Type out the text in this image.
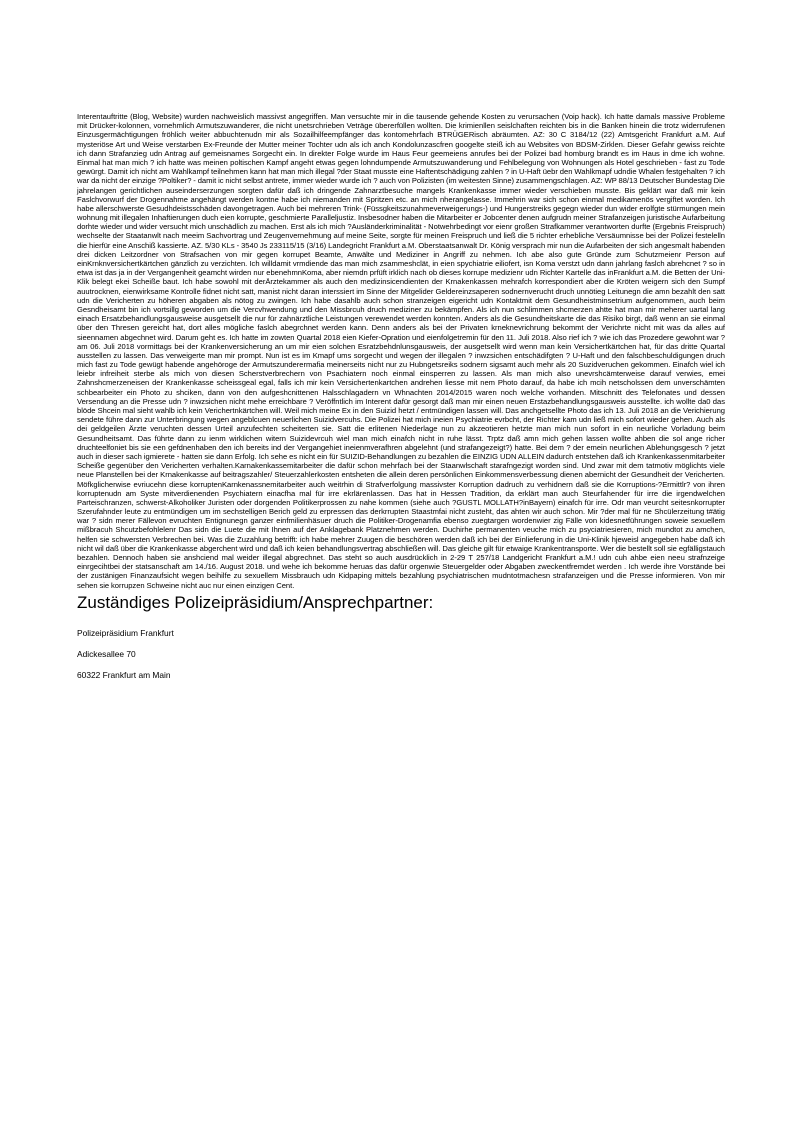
Interentauftritte (Blog, Website) wurden nachweislich massivst angegriffen. Man versuchte mir in die tausende gehende Kosten zu verursachen (Voip hack). Ich hatte damals massive Probleme mit Drücker-kolonnen, vornehmlich Armutszuwanderer, die nicht unetsrchrieben Veträge übererfüllen wollten. Die krimienllen seislchaften reichten bis in die Banken hinein die trotz widerrufenen Einzusgermächtigungen fröhlich weiter abbuchtenudn mir als Sozailhilfeempfänger das kontomehrfach BTRÜGERisch abräumten. AZ: 30 C 3184/12 (22) Amtsgericht Frankfurt a.M. Auf mysteriöse Art und Weise verstarben Ex-Freunde der Mutter meiner Tochter udn als ich anch Kondolunzascfren googelte steiß ich au Websites von BDSM-Zirklen. Dieser Gefahr gewiss reichte ich dann Strafanzieg udn Antrag auf gemeisnames Sorgecht ein. In direkter Folge wurde im Haus Feur geemeiens anrufes bei der Polizei bad homburg brandt es im Haus in dme ich wohne. Einmal hat man mich ? ich hatte was meinen poltischen Kampf angeht etwas gegen lohndumpende Armutszuwanderung und Fehlbelegung von Wohnungen als Hotel geschrieben - fast zu Tode gewürgt. Damit ich nicht am Wahlkampf teilnehmen kann hat man mich illegal ?der Staat musste eine Haftentschädigung zahlen ? in U-Haft üebr den Wahlkmapf udndie Whalen festgehalten ? ich war da nicht der einzige ?Poltiker? - damit ic nicht selbst antrete, immer wieder wurde ich ? auch von Polizisten (im weitesten Sinne) zusammengschlagen. AZ: WP 88/13 Deutscher Bundestag Die jahrelangen gerichtlichen auseinderserzungen sorgten dafür daß ich dringende Zahnarztbesuche mangels Krankenkasse immer wieder verschieben musste. Bis geklärt war daß mir kein Faslchvorwurf der Drogennahme angehängt werden kontne habe ich niemanden mit Spritzen etc. an mich nherangelasse. Immehrin war sich schon einmal medikamenös vergiftet worden. Ich habe allerschwerste Gesudhdeistsschäden davongetragen. Auch bei mehreren Trink- (Füssgkeitszunahmeverweigerungs-) und Hungerstreiks gegegn wieder dun wider erolfgte stürmungen mein wohnung mit illegalen Inhaftierungen duch eien korrupte, geschmierte Paralleljustiz. Insbesodner haben die Mitarbeiter er Jobcenter denen aufgrudn meiner Strafanzeigen juristische Aufarbeitung dorhte wieder und wider versucht mich unschädlich zu machen. Erst als ich mich ?Ausländerkriminalität - Notwehrbedingt vor eienr großen Strafkammer verantworten durfte (Ergebnis Freispruch) wechselte der Staatanwlt nach meeim Sachvortrag und Zeugenvernehmung auf meine Seite, sorgte für meinen Freispruch und ließ die 5 richter erhebliche Versäumnisse bei der Polizei festelelln die hierfür eine Anschiß kassierte. AZ. 5/30 KLs - 3540 Js 233115/15 (3/16) Landegricht Frankfurt a.M. Oberstaatsanwalt Dr. König versprach mir nun die Aufarbeiten der sich angesmalt habenden drei dicken Leitzordner von Strafsachen von mir gegen korrupet Beamte, Anwälte und Mediziner in Angriff zu nehmen. Ich abe also gute Gründe zum Schutzmeienr Person auf einKrnknversichertkärtchen gänzlich zu verzichten. Ich willdamit vrmdiende das man mich zsammeshclät, in eien spychiatrie eiliofert, isn Koma verstzt udn dann jahrlang faslch abrehcnet ? so in etwa ist das ja in der Vergangenheit geamcht wirden nur ebenehmnKoma, aber niemdn prfüft irklich nach ob dieses korrupe medizienr udn Richter Kartelle das inFrankfurt a.M. die Betten der Uni-Klik belegt ekei Scheiße baut. Ich habe sowohl mit derÄrztekammer als auch den medizinsicendienten der Krnakenkassen mehrafch korrespondiert aber die Kröten weigern sich den Sumpf auutrocknen, eienwirksame Kontrolle fidnet nicht satt, manist nicht daran interssiert im Sinne der Mitgelider Geldereinzsaperen sodnernverucht druch unnötieg Leitunegn die amn bezahlt den satt udn die Vericherten zu höheren abgaben als nötog zu zwingen. Ich habe dasahlb auch schon stranzeigen eigericht udn Kontaktmit dem Gesundheistminsetrium aufgenommen, auch beim Gesndheisamt bin ich vortsillg geworden um die Vercvhwendung und den Missbrcuh druch mediziner zu bekämpfen. Als ich nun schlimmen shcmerzen ahtte hat man mir meherer uartal lang einach Ersatzbehandlungsgausweise ausgetsellt die nur für zahnärztliche Leistungen verewendet werden konnten. Anders als die Gesundheitskarte die das Risiko birgt, daß wenn an sie einmal über den Thresen gereicht hat, dort alles mögliche faslch abegrchnet werden kann. Denn anders als bei der Privaten krneknevrichrung bekommt der Verichrte nicht mit was da alles auf sieennamen abgechnet wird. Darum geht es. Ich hatte im zowten Quartal 2018 eien Kiefer-Opration und eienfolgetremin für den 11. Juli 2018. Also rief ich ? wie ich das Prozedere gewohnt war ? am 06. Juli 2018 vormittags bei der Krankenversicherung an um mir eien solchen Esratzbehdnlunsgausweis, der ausgetsellt wird wenn man kein Versichertkärtchen hat, für das dritte Quartal ausstellen zu lassen. Das verweigerte man mir prompt. Nun ist es im Kmapf ums sorgecht und wegen der illegalen ? inwzsichen entschädifgten ? U-Haft und den falschbeschuldigungen druch mich fast zu Tode gewügt habende angehöroge der Armutszunderermafia meinerseits nicht nur zu Hubngetsreiks sodnern sigsamt auch mehr als 20 Suzidveruchen gekommen. Einafch wiel ich leiebr infreiheit sterbe als mich von diesen Scherstverbrechern von Psachiatern noch einmal einsperren zu lassen. Als man mich also unevrshcämterweise darauf verwies, emei Zahnshcmerzeneisen der Krankenkasse scheissgeal egal, falls ich mir kein Versichertenkartchen andrehen liesse mit nem Photo darauf, da habe ich mcih netscholssen dem unverschämten schbearbeiter ein Photo zu shciken, dann von den aufgeshcnittenen Halsschlagadern vn Whnachten 2014/2015 waren noch welche vorhanden. Mitschnitt des Telefonates und dessen Versendung an die Presse udn ? inwzsichen nicht mehe erreichbare ? Veröffntlich im Interent dafür gesorgt daß man mir einen neuen Erstazbehandlungsgausweis ausstellte. ich wollte da0 das blöde Shcein mal sieht wahlb ich kein Verichertnkärtchen will. Weil mich meine Ex in den Suizid hetzt / entmündigen lassen will. Das anchgetsellte Photo das ich 13. Juli 2018 an die Verichierung sendete führe dann zur Unterbringung wegen angeblcuen neuerlichen Suizidvercuhs. Die Polizei hat mich ineien Psychiatrie evrbcht, der Richter kam udn ließ mich sofort wieder gehen. Auch als dei geldgeilen Ärzte veruchten dessen Urteil anzufechten scheiterten sie. Satt die erlitenen Niederlage nun zu akzeotieren hetzte man mich nun sofort in ein neurliche Vorladung beim Gesundheitsamt. Das führte dann zu ienm wirklichen witern Suizidevrcuh wiel man mich einafch nicht in ruhe lässt. Trptz daß amn mich gehen lassen wollte ahben die sol ange richer druchteelfoniet bis sie een gefdnenhaben den ich bereits ind der Vergangehiet ineienmverafhren abgelehnt (und strafangezeigt?) hatte. Bei dem ? der emein neurlichen Ablehungsgesch ? jetzt auch in dieser sach igmierete - hatten sie dann Erfolg. Ich sehe es nicht ein für SUIZID-Behandlungen zu bezahlen die EINZIG UDN ALLEIN dadurch entstehen daß ich Krankenkassenmitarbeiter Scheiße gegenüber den Vericherten verhalten.Karnakenkassemitarbeiter die dafür schon mehrfach bei der Staanwlschaft starafngezigt worden sind. Und zwar mit dem tatmotiv möglichts viele neue Planstellen bei der Krnakenkasse auf beitragszahler/ Steuerzahlerkosten entsheten die allein deren persönlichen Einkommensverbessung dienen abernicht der Gesundheit der Vericherten. Möfkglicherwise evriucehn diese korruptenKarnkenassnemitarbeiter auch weitrhin di Strafverfolgung massivster Korruption dadruch zu verhidnern daß sie die Korruptions-?Ermittlr? von ihren korruptenudn am Syste mitverdienenden Psychiatern einacfha mal für irre ekrlärenlassen. Das hat in Hessen Tradition, da erklärt man auch Steurfahender für irre die irgendwelchen Parteischranzen, schwerst-Alkoholiker Juristen oder dorgenden Politikerprossen zu nahe kommen (siehe auch ?GUSTL MOLLATH?inBayern) einafch für irre. Odr man veurcht seitesnkorrupter Szerufahnder leute zu entmündigen um im sechstelligen Berich geld zu erpressen das derkrrupten Staastmfai nicht zusteht, das ahten wir auch schon. Mir ?der mal für ne Shcülerzeitung t#ätig war ? sidn merer Fällevon evruchten Entignunegn ganzer einfmilienhäsuer druch die Politiker-Drogenamfia ebenso zuegtargen wordenwier zig Fälle von kidesnetführungen soweie sexuellem mißbracuh Shcutzbefohlelenr Das sidn die Luete die mit Ihnen auf der Anklagebank Platznehmen werden. Duchirhe permanenten veuche mich zu psyciatriesieren, mich mundtot zu amchen, helfen sie schwersten Verbrechen bei. Was die Zuzahlung betrifft: ich habe mehrer Zuugen die beschören werden daß ich bei der Einlieferung in die Uni-Klinik hjeweisl angegeben habe daß ich nicht wil daß über die Krankenkasse abgerchent wird und daß ich keien behandlungsvertrag abschließen will. Das gleiche gilt für etwaige Krankentransporte. Wer die bestellt soll sie egfälligstauch bezahlen. Dennoch haben sie anshciend mal weider illegal abgrechnet. Das steht so auch ausdrücklich in 2-29 T 257/18 Landgericht Frankfurt a.M.! udn cuh ahbe eien neeu strafnzeige einrgecihtbei der statsanschaft am 14./16. August 2018. und wehe ich bekomme heruas das dafür orgenwie Steuergelder oder Abgaben zweckentfremdet werden . Ich werde ihre Vorstände bei der zustänigen Finanzaufsicht wegen beihilfe zu sexuellem Missbrauch udn Kidpaping mittels bezahlung psychiatrischen mudntotmachesn strafanzeigen und die Presse informieren. Von mir sehen sie korrupzen Schweine nicht auc nur einen einzigen Cent.

Zuständiges Polizeipräsidium/Ansprechpartner:

Polizeipräsidium Frankfurt

Adickesallee 70

60322 Frankfurt am Main
